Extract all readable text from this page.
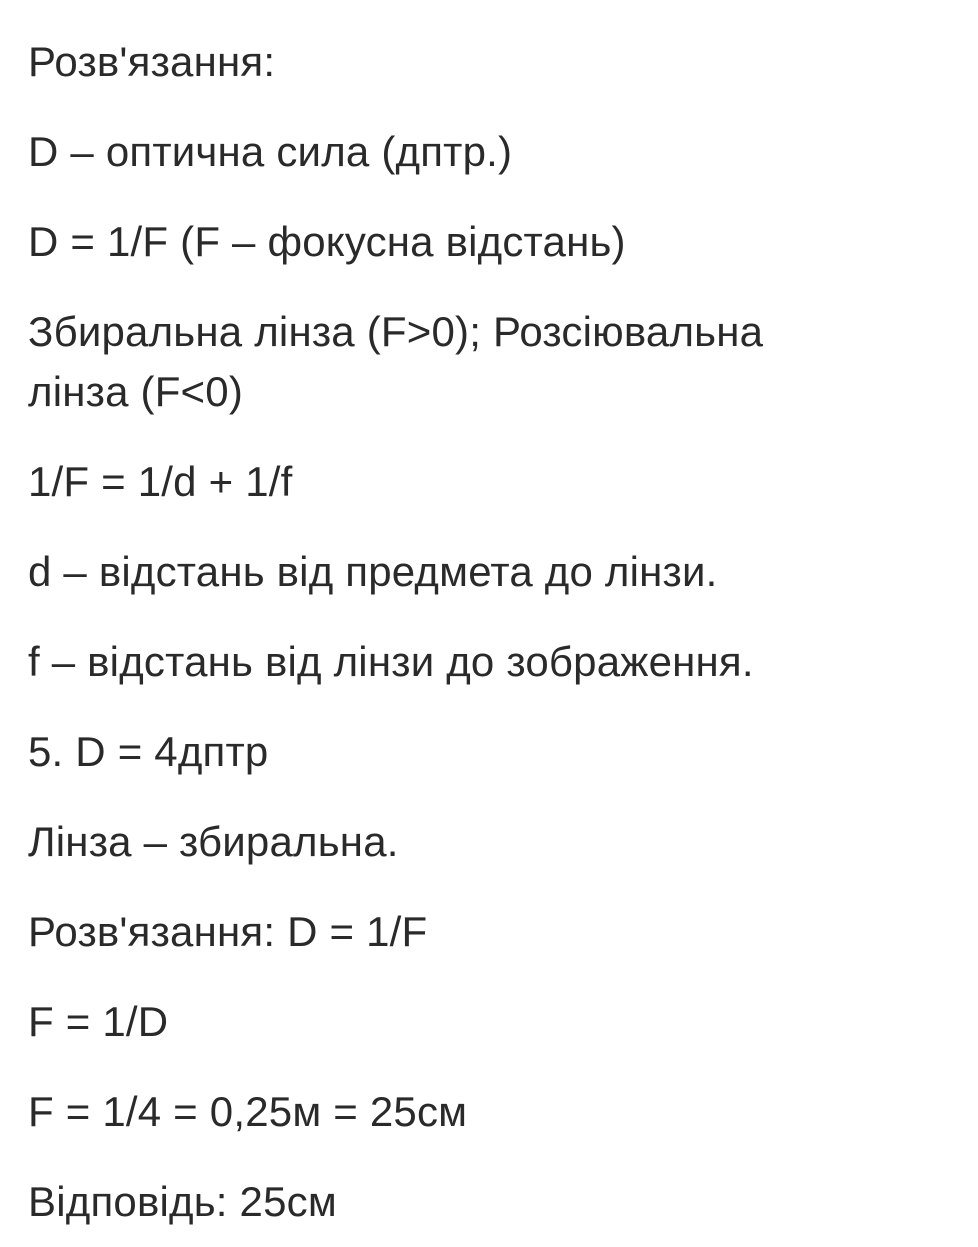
Розв'язання:
D – оптична сила (дптр.)
D = 1/F (F – фокусна відстань)
Збиральна лінза (F>0); Розсіювальна
лінза (F<0)
1/F = 1/d + 1/f
d – відстань від предмета до лінзи.
f – відстань від лінзи до зображення.
5. D = 4дптр
Лінза – збиральна.
Розв'язання: D = 1/F
F = 1/D
F = 1/4 = 0,25м = 25см
Відповідь: 25см
